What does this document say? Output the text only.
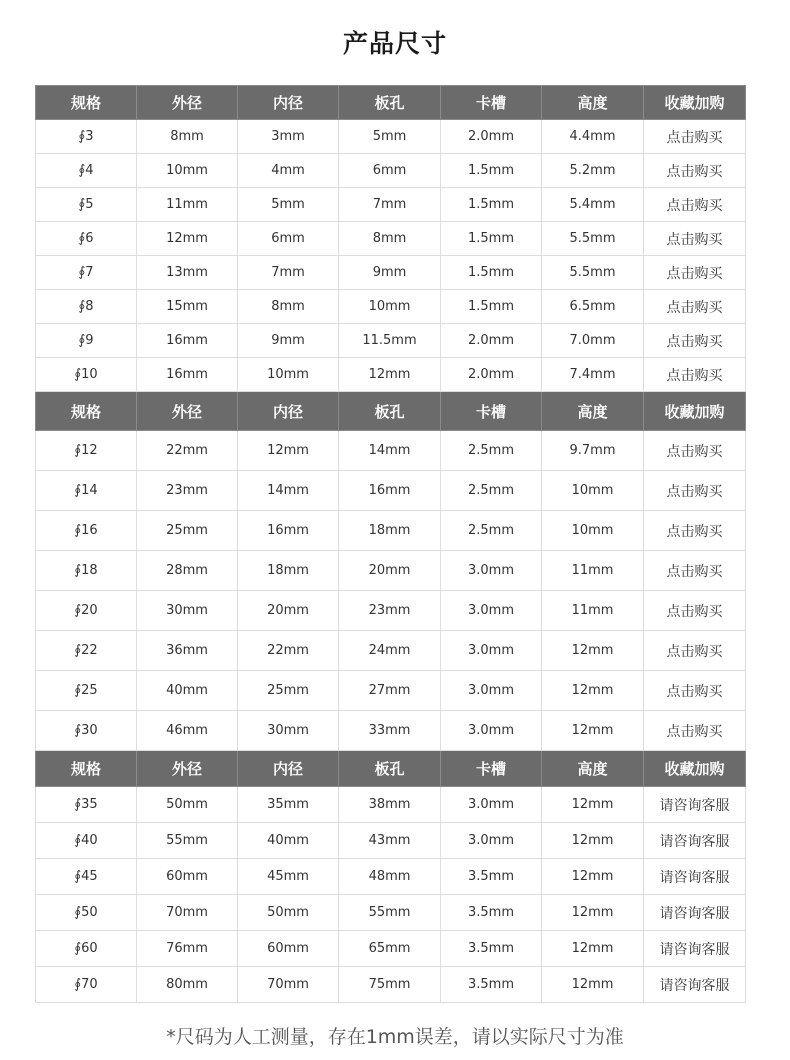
产品尺寸
规格	外径	内径	板孔	卡槽	高度	收藏加购
∮3	8mm	3mm	5mm	2.0mm	4.4mm	点击购买
∮4	10mm	4mm	6mm	1.5mm	5.2mm	点击购买
∮5	11mm	5mm	7mm	1.5mm	5.4mm	点击购买
∮6	12mm	6mm	8mm	1.5mm	5.5mm	点击购买
∮7	13mm	7mm	9mm	1.5mm	5.5mm	点击购买
∮8	15mm	8mm	10mm	1.5mm	6.5mm	点击购买
∮9	16mm	9mm	11.5mm	2.0mm	7.0mm	点击购买
∮10	16mm	10mm	12mm	2.0mm	7.4mm	点击购买
规格	外径	内径	板孔	卡槽	高度	收藏加购
∮12	22mm	12mm	14mm	2.5mm	9.7mm	点击购买
∮14	23mm	14mm	16mm	2.5mm	10mm	点击购买
∮16	25mm	16mm	18mm	2.5mm	10mm	点击购买
∮18	28mm	18mm	20mm	3.0mm	11mm	点击购买
∮20	30mm	20mm	23mm	3.0mm	11mm	点击购买
∮22	36mm	22mm	24mm	3.0mm	12mm	点击购买
∮25	40mm	25mm	27mm	3.0mm	12mm	点击购买
∮30	46mm	30mm	33mm	3.0mm	12mm	点击购买
规格	外径	内径	板孔	卡槽	高度	收藏加购
∮35	50mm	35mm	38mm	3.0mm	12mm	请咨询客服
∮40	55mm	40mm	43mm	3.0mm	12mm	请咨询客服
∮45	60mm	45mm	48mm	3.5mm	12mm	请咨询客服
∮50	70mm	50mm	55mm	3.5mm	12mm	请咨询客服
∮60	76mm	60mm	65mm	3.5mm	12mm	请咨询客服
∮70	80mm	70mm	75mm	3.5mm	12mm	请咨询客服
*尺码为人工测量，存在1mm误差，请以实际尺寸为准
